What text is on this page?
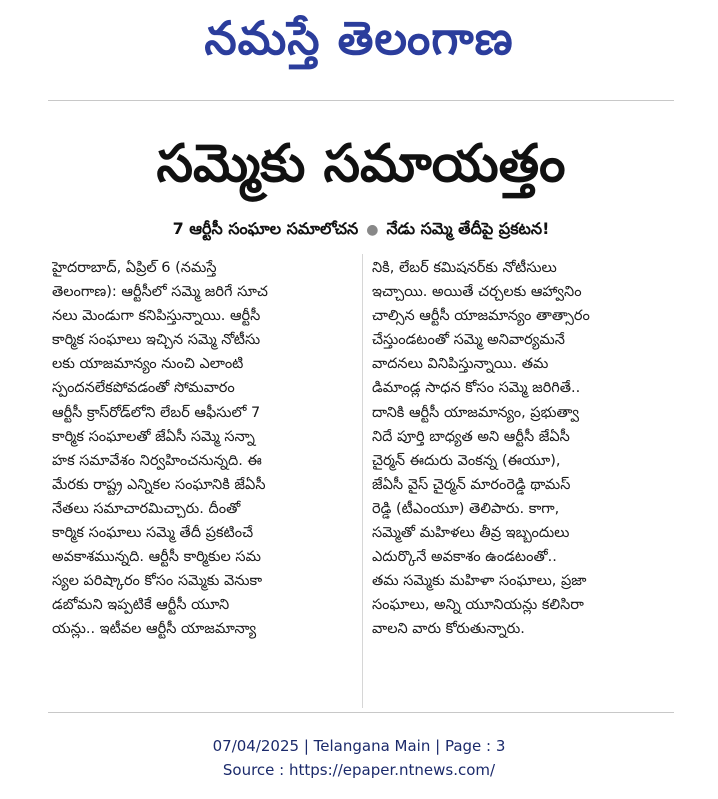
నమస్తే తెలంగాణ
సమ్మెకు సమాయత్తం
7 ఆర్టీసీ సంఘాల సమాలోచన ● నేడు సమ్మె తేదీపై ప్రకటన!
హైదరాబాద్, ఏప్రిల్ 6 (నమస్తే
తెలంగాణ): ఆర్టీసీలో సమ్మె జరిగే సూచ
నలు మెండుగా కనిపిస్తున్నాయి. ఆర్టీసీ
కార్మిక సంఘాలు ఇచ్చిన సమ్మె నోటీసు
లకు యాజమాన్యం నుంచి ఎలాంటి
స్పందనలేకపోవడంతో సోమవారం
ఆర్టీసీ క్రాస్‌రోడ్‌లోని లేబర్ ఆఫీసులో 7
కార్మిక సంఘాలతో జేఏసీ సమ్మె సన్నా
హక సమావేశం నిర్వహించనున్నది. ఈ
మేరకు రాష్ట్ర ఎన్నికల సంఘానికి జేఏసీ
నేతలు సమాచారమిచ్చారు. దీంతో
కార్మిక సంఘాలు సమ్మె తేదీ ప్రకటించే
అవకాశమున్నది. ఆర్టీసీ కార్మికుల సమ
స్యల పరిష్కారం కోసం సమ్మెకు వెనుకా
డబోమని ఇప్పటికే ఆర్టీసీ యూని
యన్లు.. ఇటీవల ఆర్టీసీ యాజమాన్యా
నికి, లేబర్ కమిషనర్‌కు నోటీసులు
ఇచ్చాయి. అయితే చర్చలకు ఆహ్వానిం
చాల్సిన ఆర్టీసీ యాజమాన్యం తాత్సారం
చేస్తుండటంతో సమ్మె అనివార్యమనే
వాదనలు వినిపిస్తున్నాయి. తమ
డిమాండ్ల సాధన కోసం సమ్మె జరిగితే..
దానికి ఆర్టీసీ యాజమాన్యం, ప్రభుత్వా
నిదే పూర్తి బాధ్యత అని ఆర్టీసీ జేఏసీ
చైర్మన్ ఈదురు వెంకన్న (ఈయూ),
జేఏసీ వైస్ చైర్మన్ మారంరెడ్డి థామస్
రెడ్డి (టీఎంయూ) తెలిపారు. కాగా,
సమ్మెతో మహిళలు తీవ్ర ఇబ్బందులు
ఎదుర్కొనే అవకాశం ఉండటంతో..
తమ సమ్మెకు మహిళా సంఘాలు, ప్రజా
సంఘాలు, అన్ని యూనియన్లు కలిసిరా
వాలని వారు కోరుతున్నారు.
07/04/2025 | Telangana Main | Page : 3
Source : https://epaper.ntnews.com/
